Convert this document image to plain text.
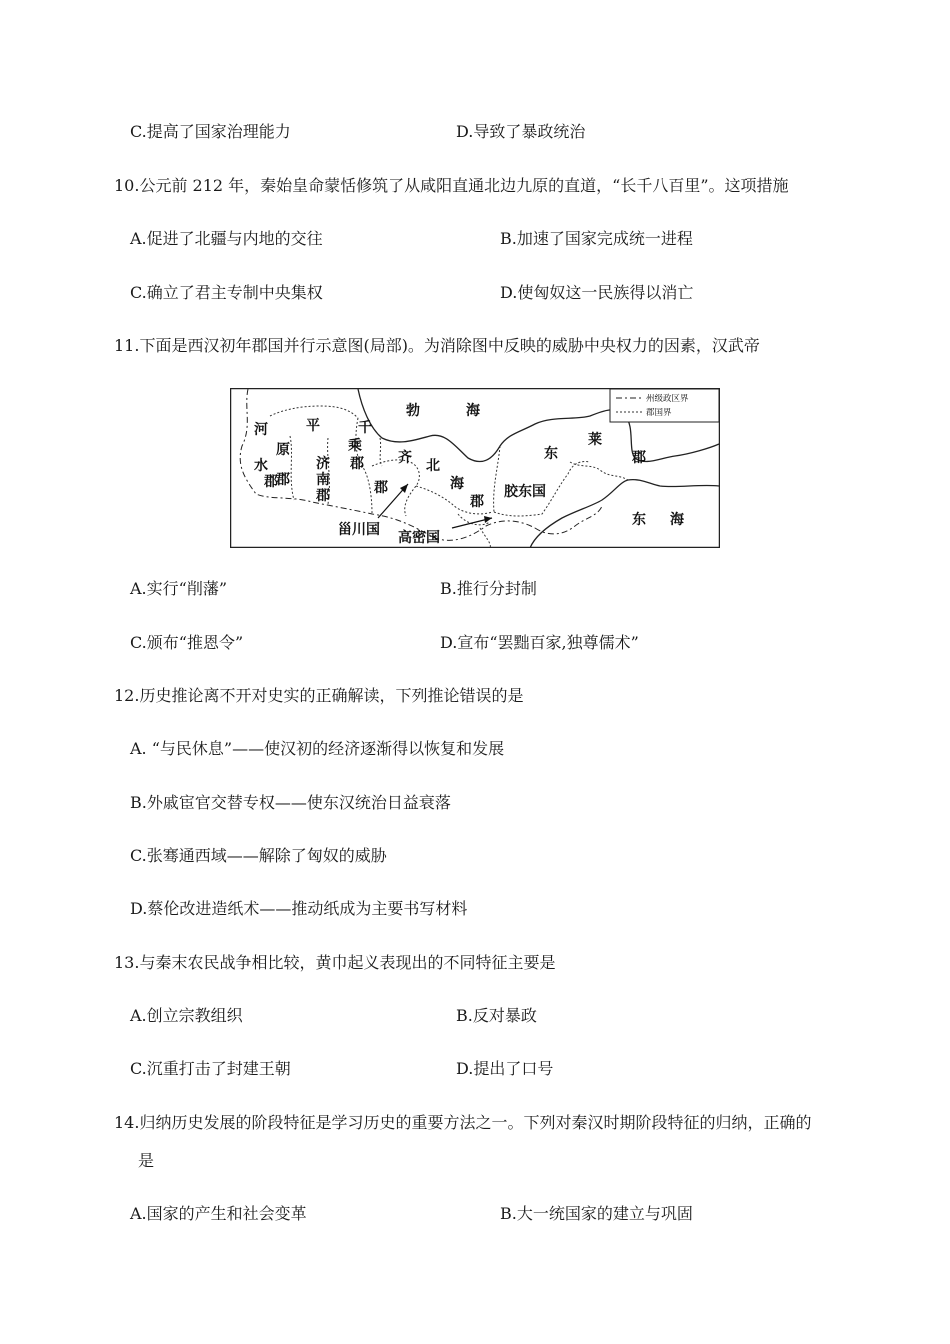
C.提高了国家治理能力	D.导致了暴政统治
10.公元前 212 年，秦始皇命蒙恬修筑了从咸阳直通北边九原的直道，“长千八百里”。这项措施
A.促进了北疆与内地的交往	B.加速了国家完成统一进程
C.确立了君主专制中央集权	D.使匈奴这一民族得以消亡
11.下面是西汉初年郡国并行示意图(局部)。为消除图中反映的威胁中央权力的因素，汉武帝
州级政区界
郡国界
河
水
郡
平
原
郡
济
南
郡
千
乘
郡 齐
郡
勃	海
北
海
郡
胶东国
东
莱
郡
东 海
甾川国 高密国
A.实行“削藩”	B.推行分封制
C.颁布“推恩令”	D.宣布“罢黜百家,独尊儒术”
12.历史推论离不开对史实的正确解读，下列推论错误的是
A. “与民休息”——使汉初的经济逐渐得以恢复和发展
B.外戚宦官交替专权——使东汉统治日益衰落
C.张骞通西域——解除了匈奴的威胁
D.蔡伦改进造纸术——推动纸成为主要书写材料
13.与秦末农民战争相比较，黄巾起义表现出的不同特征主要是
A.创立宗教组织	B.反对暴政
C.沉重打击了封建王朝	D.提出了口号
14.归纳历史发展的阶段特征是学习历史的重要方法之一。下列对秦汉时期阶段特征的归纳，正确的
是
A.国家的产生和社会变革	B.大一统国家的建立与巩固
